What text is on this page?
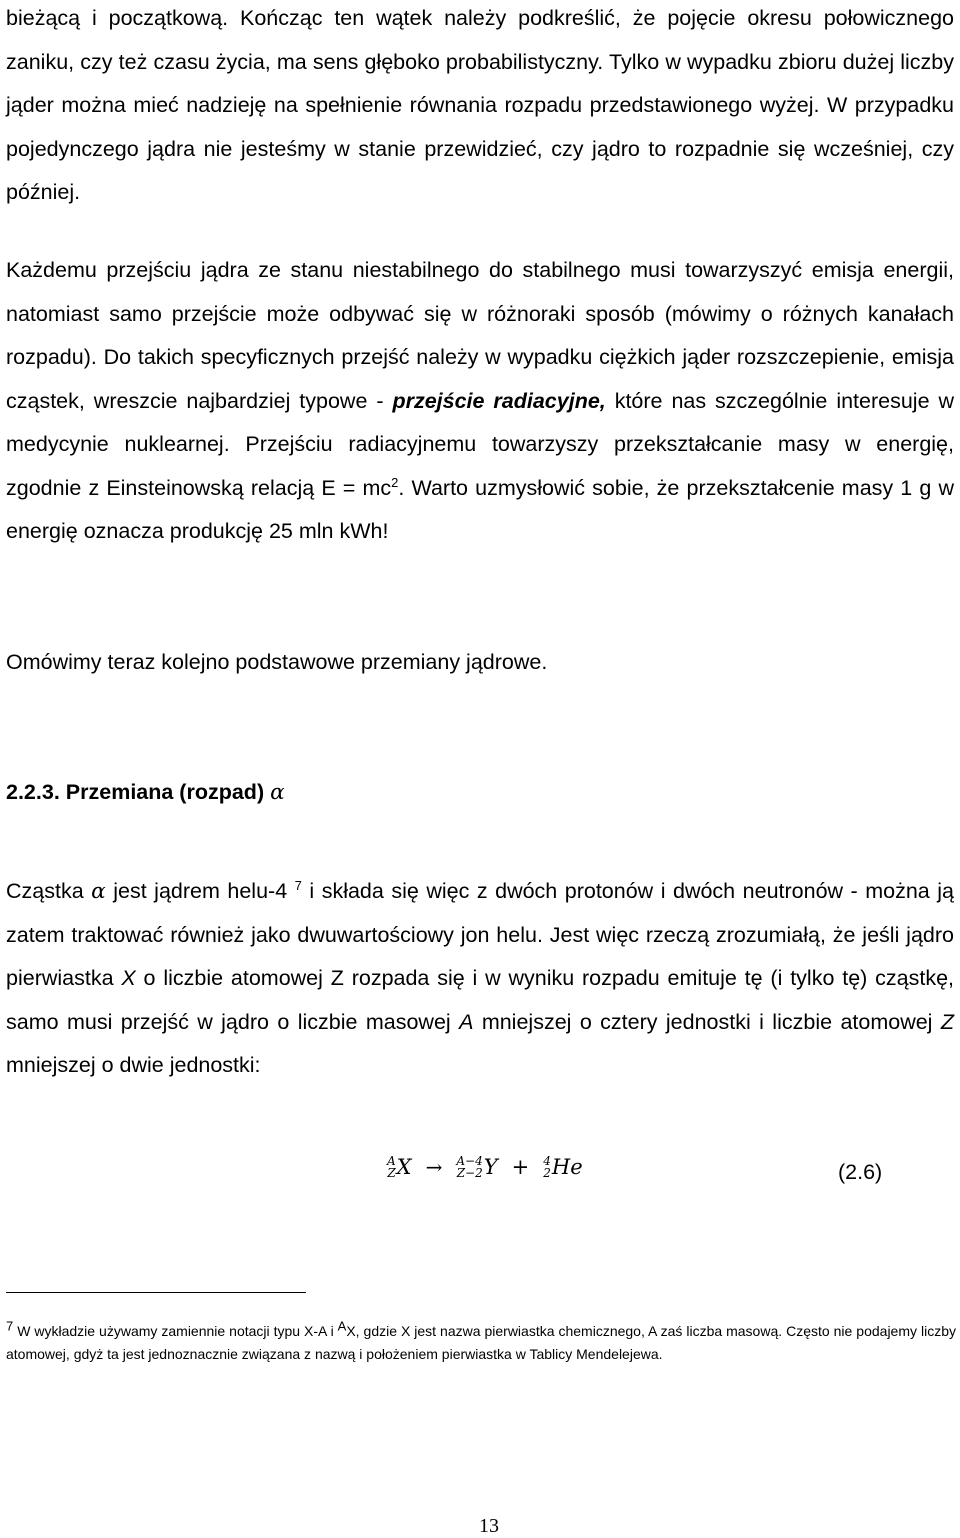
bieżącą i początkową. Kończąc ten wątek należy podkreślić, że pojęcie okresu połowicznego zaniku, czy też czasu życia, ma sens głęboko probabilistyczny. Tylko w wypadku zbioru dużej liczby jąder można mieć nadzieję na spełnienie równania rozpadu przedstawionego wyżej. W przypadku pojedynczego jądra nie jesteśmy w stanie przewidzieć, czy jądro to rozpadnie się wcześniej, czy później.
Każdemu przejściu jądra ze stanu niestabilnego do stabilnego musi towarzyszyć emisja energii, natomiast samo przejście może odbywać się w różnoraki sposób (mówimy o różnych kanałach rozpadu). Do takich specyficznych przejść należy w wypadku ciężkich jąder rozszczepienie, emisja cząstek, wreszcie najbardziej typowe - przejście radiacyjne, które nas szczególnie interesuje w medycynie nuklearnej. Przejściu radiacyjnemu towarzyszy przekształcanie masy w energię, zgodnie z Einsteinowską relacją $E = mc^2$. Warto uzmysłowić sobie, że przekształcenie masy 1 g w energię oznacza produkcję 25 mln kWh!
Omówimy teraz kolejno podstawowe przemiany jądrowe.
2.2.3. Przemiana (rozpad) α
Cząstka α jest jądrem helu-4 $^7$ i składa się więc z dwóch protonów i dwóch neutronów - można ją zatem traktować również jako dwuwartościowy jon helu. Jest więc rzeczą zrozumiałą, że jeśli jądro pierwiastka X o liczbie atomowej Z rozpada się i w wyniku rozpadu emituje tę (i tylko tę) cząstkę, samo musi przejść w jądro o liczbie masowej A mniejszej o cztery jednostki i liczbie atomowej Z mniejszej o dwie jednostki:
A
Z X → A−4
Z−2 Y + 4
2 He	(2.6)
$^7$ W wykładzie używamy zamiennie notacji typu X-A i $^A$X, gdzie X jest nazwa pierwiastka chemicznego, A zaś liczba masową. Często nie podajemy liczby atomowej, gdyż ta jest jednoznacznie związana z nazwą i położeniem pierwiastka w Tablicy Mendelejewa.
13
